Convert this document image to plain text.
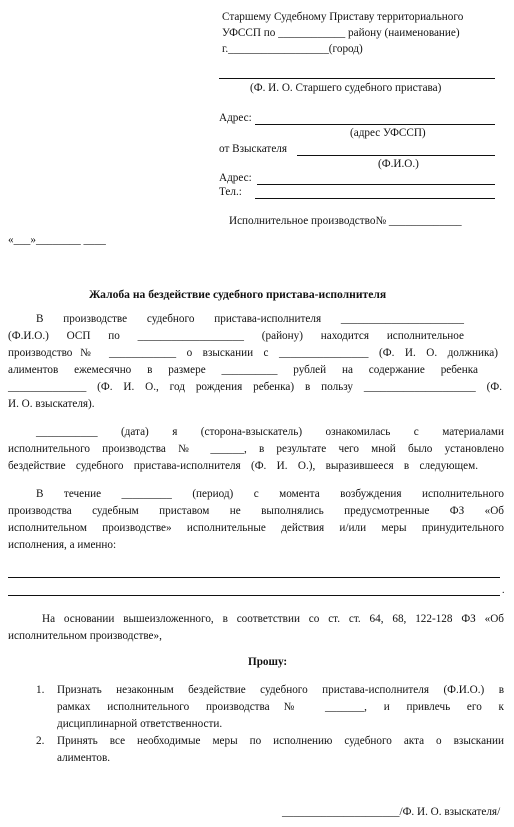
Старшему Судебному Приставу территориального
УФССП по ____________ району (наименование)
г.__________________(город)
(Ф. И. О. Старшего судебного пристава)
Адрес:
(адрес УФССП)
от Взыскателя
(Ф.И.О.)
Адрес:
Тел.:
Исполнительное производство№ _____________
«___»________ ____
Жалоба на бездействие судебного пристава-исполнителя
В производстве судебного пристава-исполнителя ______________________
(Ф.И.О.) ОСП по ___________________ (району) находится исполнительное
производство№ ____________ о взыскании с ________________ (Ф. И. О. должника)
алиментов ежемесячно в размере __________ рублей на содержание ребенка
______________ (Ф. И. О., год рождения ребенка) в пользу ____________________ (Ф.
И. О. взыскателя).
___________ (дата) я (сторона-взыскатель) ознакомилась с материалами
исполнительного производства № ______, в результате чего мной было установлено
бездействие судебного пристава-исполнителя (Ф. И. О.), выразившееся в следующем.
В течение _________ (период) с момента возбуждения исполнительного
производства судебным приставом не выполнялись предусмотренные ФЗ «Об
исполнительном производстве» исполнительные действия и/или меры принудительного
исполнения, а именно:
.
На основании вышеизложенного, в соответствии со ст. ст. 64, 68, 122-128 ФЗ «Об
исполнительном производстве»,
Прошу:
1. Признать незаконным бездействие судебного пристава-исполнителя (Ф.И.О.) в
рамках исполнительного производства№ _______, и привлечь его к
дисциплинарной ответственности.
2. Принять все необходимые меры по исполнению судебного акта о взыскании
алиментов.
_____________________/Ф. И. О. взыскателя/
